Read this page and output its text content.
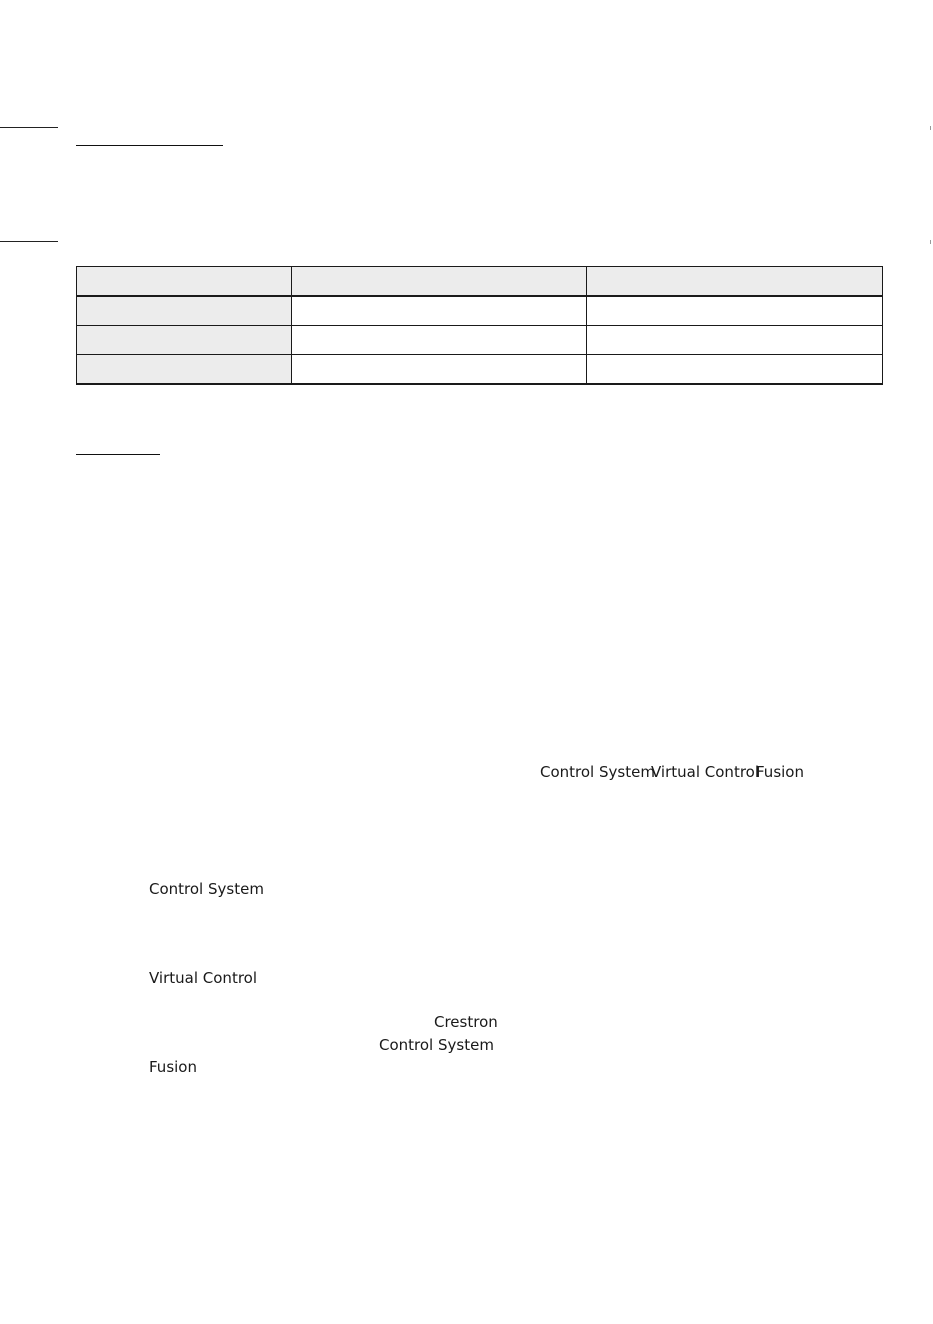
Control System
Virtual Control
Fusion
Control System
Virtual Control
Crestron
Control System
Fusion
